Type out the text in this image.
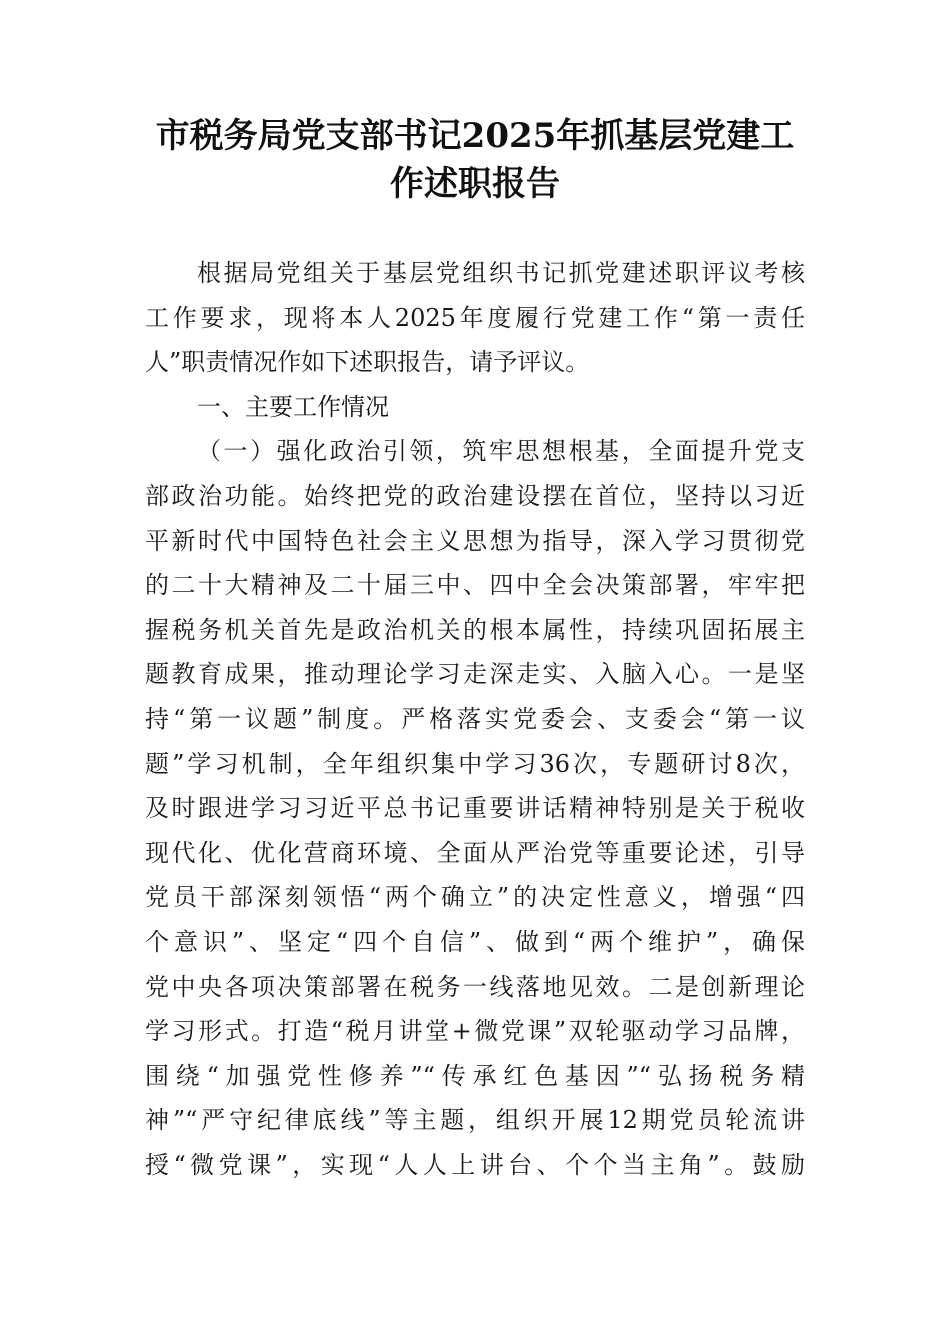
市税务局党支部书记2025年抓基层党建工
作述职报告
根据局党组关于基层党组织书记抓党建述职评议考核
工作要求，现将本人2025年度履行党建工作“第一责任
人”职责情况作如下述职报告，请予评议。
一、主要工作情况
（一）强化政治引领，筑牢思想根基，全面提升党支
部政治功能。始终把党的政治建设摆在首位，坚持以习近
平新时代中国特色社会主义思想为指导，深入学习贯彻党
的二十大精神及二十届三中、四中全会决策部署，牢牢把
握税务机关首先是政治机关的根本属性，持续巩固拓展主
题教育成果，推动理论学习走深走实、入脑入心。一是坚
持“第一议题”制度。严格落实党委会、支委会“第一议
题”学习机制，全年组织集中学习36次，专题研讨8次，
及时跟进学习习近平总书记重要讲话精神特别是关于税收
现代化、优化营商环境、全面从严治党等重要论述，引导
党员干部深刻领悟“两个确立”的决定性意义，增强“四
个意识”、坚定“四个自信”、做到“两个维护”，确保
党中央各项决策部署在税务一线落地见效。二是创新理论
学习形式。打造“税月讲堂+微党课”双轮驱动学习品牌，
围绕“加强党性修养”“传承红色基因”“弘扬税务精
神”“严守纪律底线”等主题，组织开展12期党员轮流讲
授“微党课”，实现“人人上讲台、个个当主角”。鼓励
